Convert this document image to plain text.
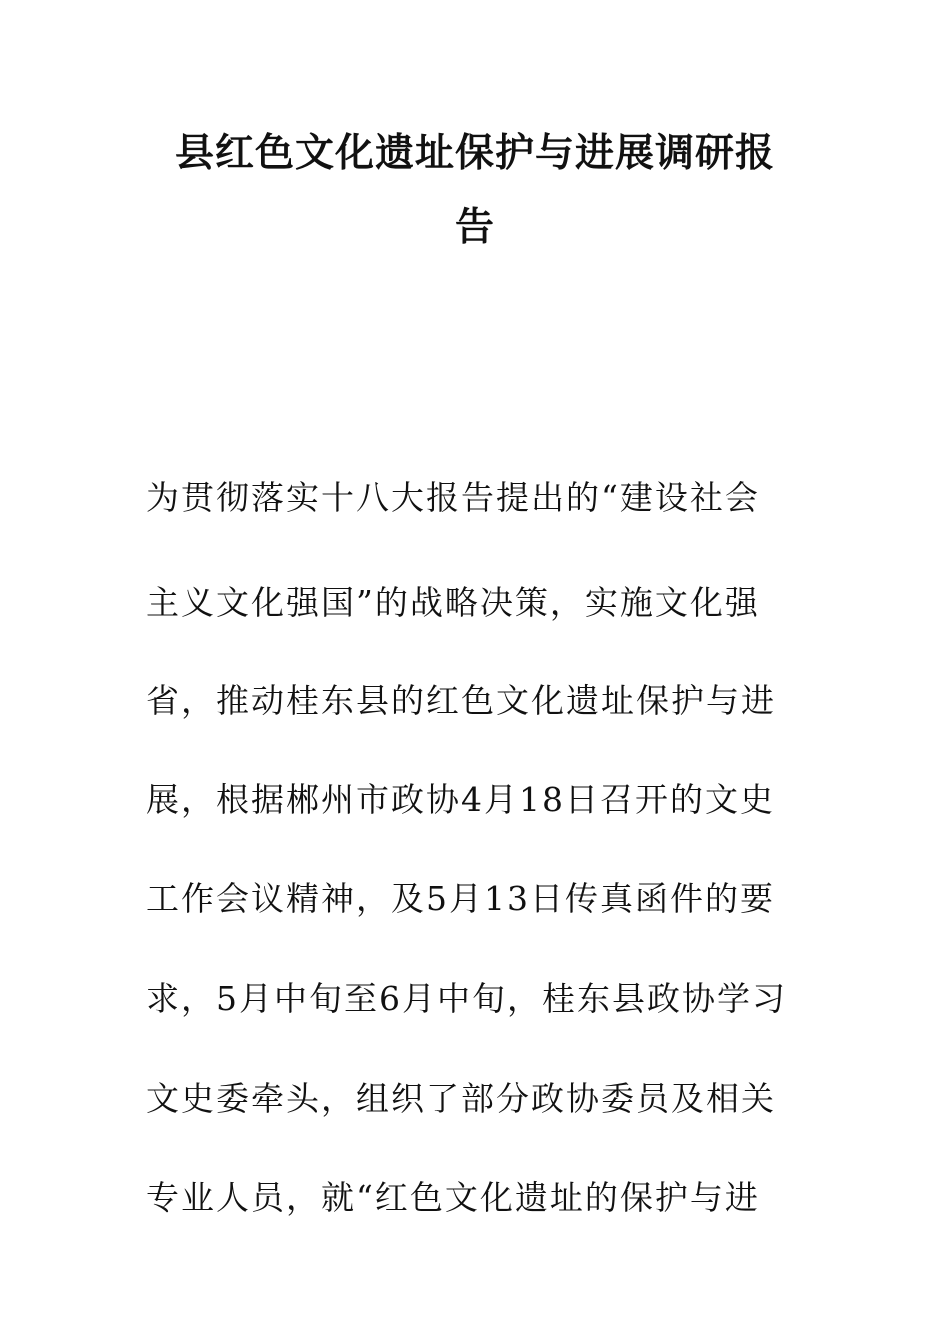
县红色文化遗址保护与进展调研报
告
为贯彻落实十八大报告提出的“建设社会
主义文化强国”的战略决策，实施文化强
省，推动桂东县的红色文化遗址保护与进
展，根据郴州市政协4月18日召开的文史
工作会议精神，及5月13日传真函件的要
求，5月中旬至6月中旬，桂东县政协学习
文史委牵头，组织了部分政协委员及相关
专业人员，就“红色文化遗址的保护与进
